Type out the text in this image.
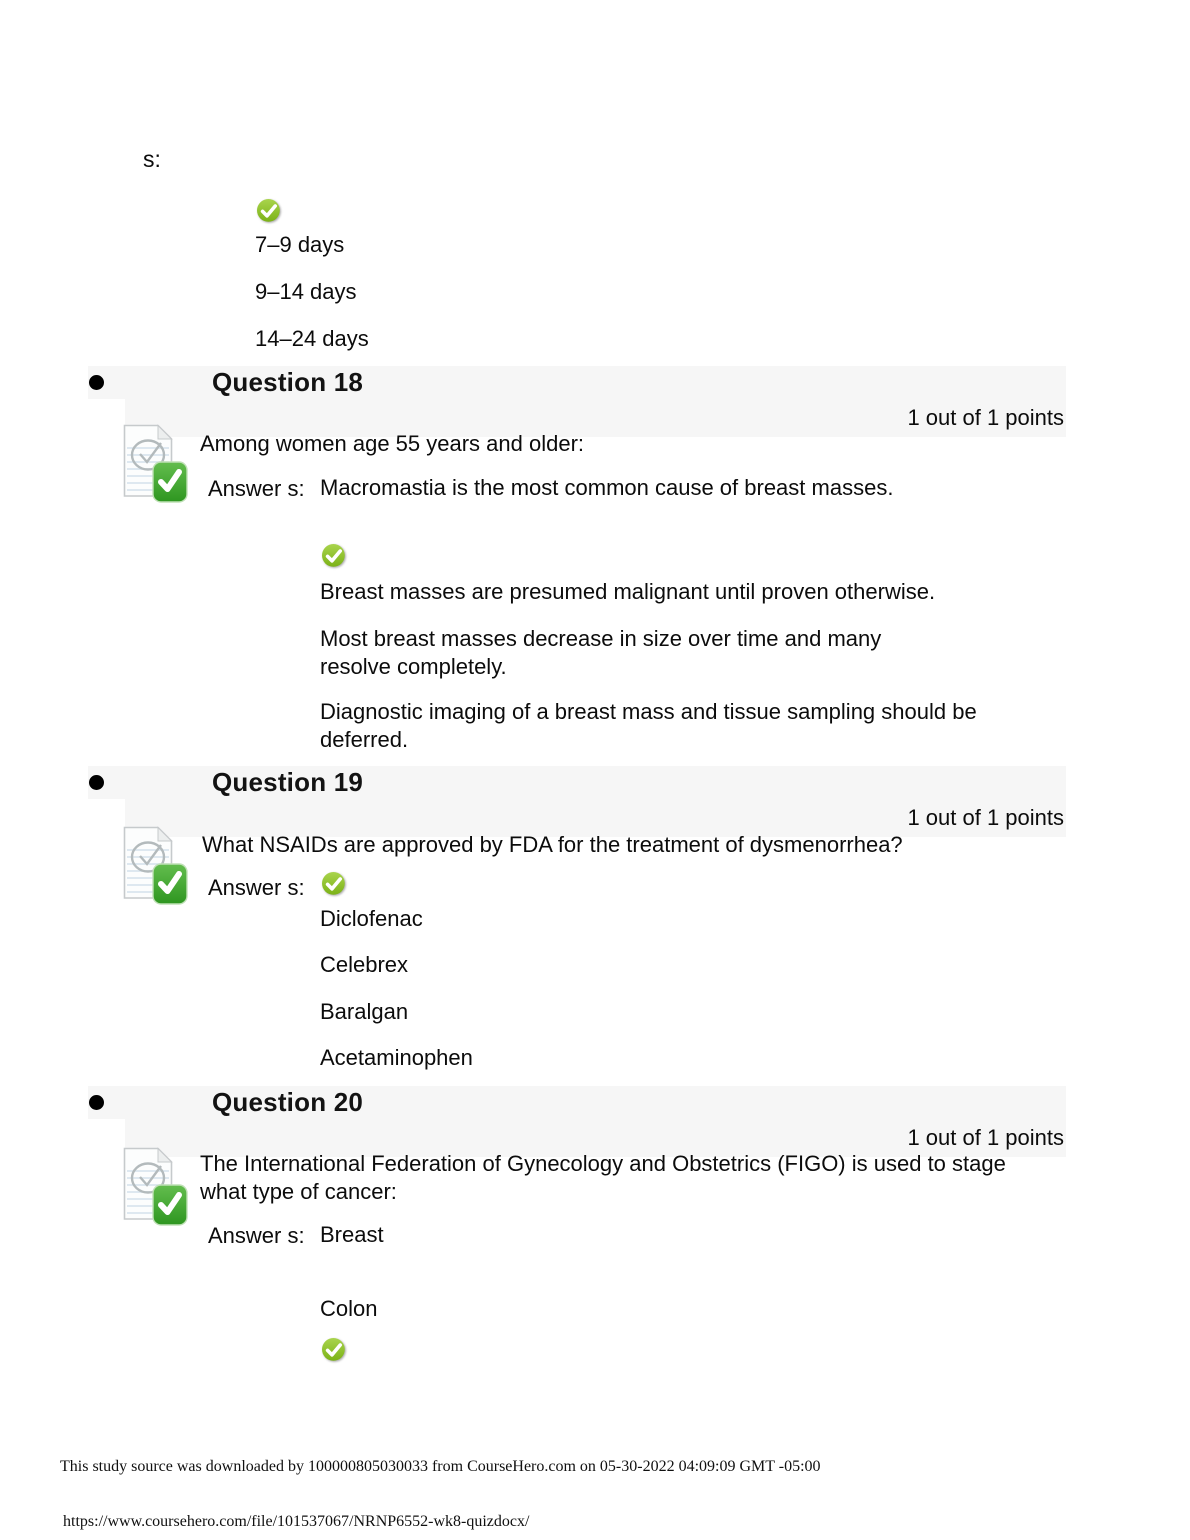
s:
7–9 days
9–14 days
14–24 days
Question 18
1 out of 1 points
Among women age 55 years and older:
Answer s: Macromastia is the most common cause of breast masses.
Breast masses are presumed malignant until proven otherwise.
Most breast masses decrease in size over time and many resolve completely.
Diagnostic imaging of a breast mass and tissue sampling should be deferred.
Question 19
1 out of 1 points
What NSAIDs are approved by FDA for the treatment of dysmenorrhea?
Answer s:
Diclofenac
Celebrex
Baralgan
Acetaminophen
Question 20
1 out of 1 points
The International Federation of Gynecology and Obstetrics (FIGO) is used to stage what type of cancer:
Answer s: Breast
Colon
This study source was downloaded by 100000805030033 from CourseHero.com on 05-30-2022 04:09:09 GMT -05:00
https://www.coursehero.com/file/101537067/NRNP6552-wk8-quizdocx/
